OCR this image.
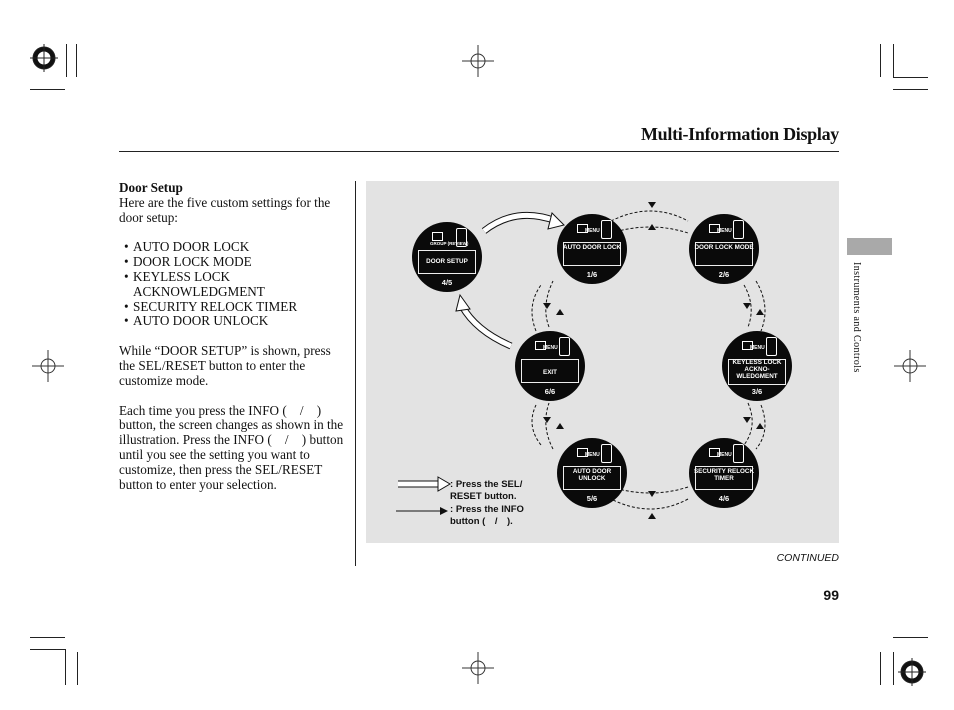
Multi-Information Display
Door Setup
Here are the five custom settings for the door setup:
• AUTO DOOR LOCK
• DOOR LOCK MODE
• KEYLESS LOCK ACKNOWLEDGMENT
• SECURITY RELOCK TIMER
• AUTO DOOR UNLOCK
While “DOOR SETUP” is shown, press the SEL/RESET button to enter the customize mode.
Each time you press the INFO ( / ) button, the screen changes as shown in the illustration. Press the INFO ( / ) button until you see the setting you want to customize, then press the SEL/RESET button to enter your selection.
Instruments and Controls
GROUP (REVIEW)
DOOR SETUP
4/5
MENU
AUTO DOOR LOCK
1/6
MENU
DOOR LOCK MODE
2/6
MENU
KEYLESS LOCK ACKNO- WLEDGMENT
3/6
MENU
SECURITY RELOCK TIMER
4/6
MENU
AUTO DOOR UNLOCK
5/6
MENU
EXIT
6/6
: Press the SEL/ RESET button.
: Press the INFO button ( / ).
CONTINUED
99
